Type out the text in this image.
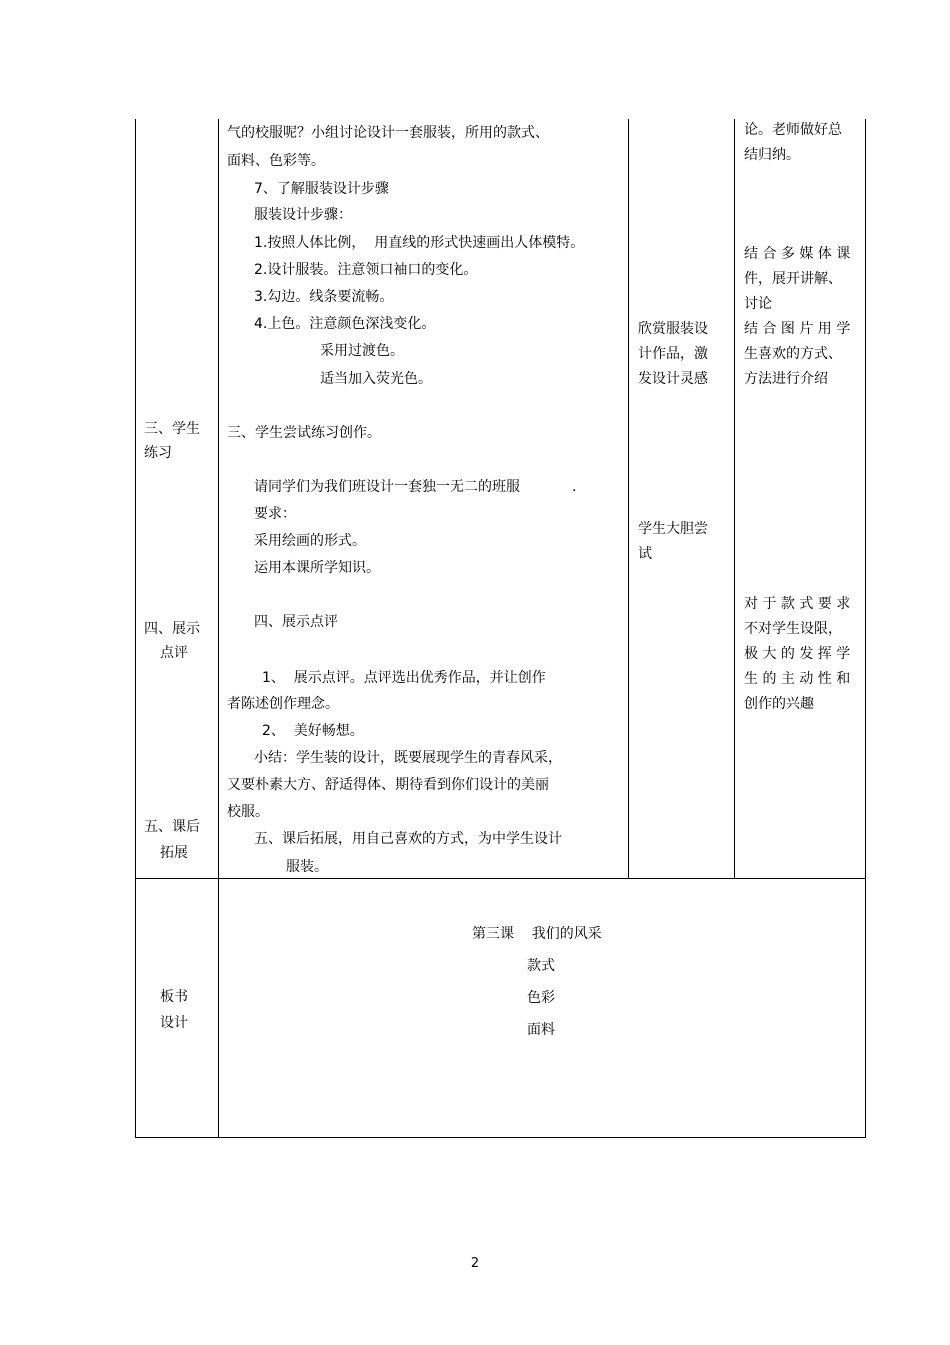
三、学生
练习
四、展示
点评
五、课后
拓展
板书
设计
气的校服呢？小组讨论设计一套服装，所用的款式、
面料、色彩等。
7、了解服装设计步骤
服装设计步骤：
1.按照人体比例，  用直线的形式快速画出人体模特。
2.设计服装。注意领口袖口的变化。
3.勾边。线条要流畅。
4.上色。注意颜色深浅变化。
采用过渡色。
适当加入荧光色。
三、学生尝试练习创作。
请同学们为我们班设计一套独一无二的班服	.
要求：
采用绘画的形式。
运用本课所学知识。
四、展示点评
1、  展示点评。点评选出优秀作品，并让创作
者陈述创作理念。
2、  美好畅想。
小结：学生装的设计，既要展现学生的青春风采，
又要朴素大方、舒适得体、期待看到你们设计的美丽
校服。
五、课后拓展，用自己喜欢的方式，为中学生设计
服装。
欣赏服装设
计作品，激
发设计灵感
学生大胆尝
试
论。老师做好总
结归纳。
结 合 多 媒 体 课
件，展开讲解、
讨论
结 合 图 片 用 学
生喜欢的方式、
方法进行介绍
对 于 款 式 要 求
不对学生设限，
极 大 的 发 挥 学
生 的 主 动 性 和
创作的兴趣
第三课    我们的风采
款式
色彩
面料
2
